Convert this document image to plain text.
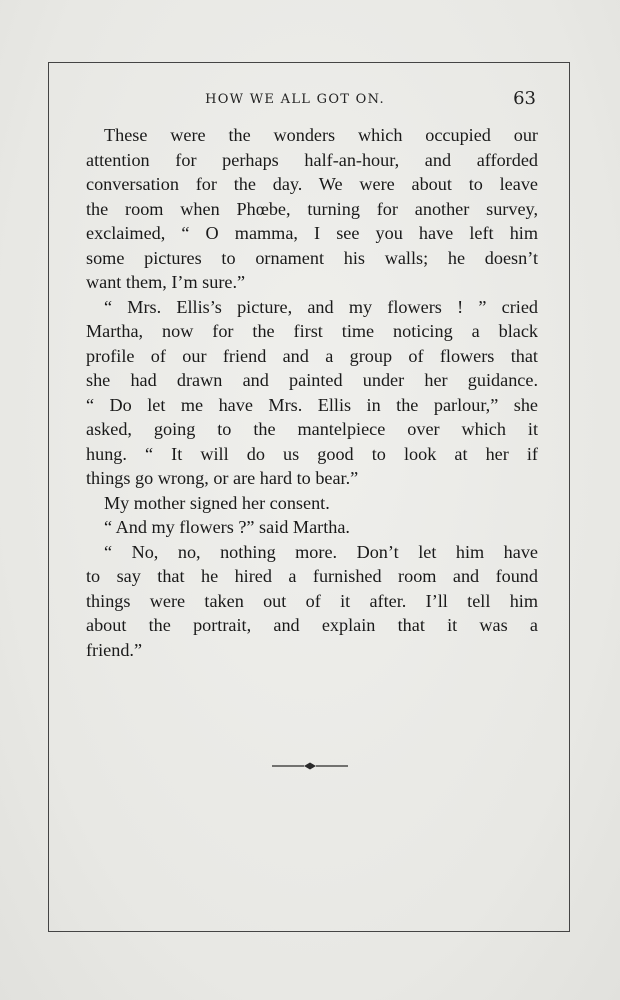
HOW WE ALL GOT ON.	63
These were the wonders which occupied our
attention for perhaps half-an-hour, and afforded
conversation for the day. We were about to leave
the room when Phœbe, turning for another survey,
exclaimed, “ O mamma, I see you have left him
some pictures to ornament his walls; he doesn’t
want them, I’m sure.”
“ Mrs. Ellis’s picture, and my flowers ! ” cried
Martha, now for the first time noticing a black
profile of our friend and a group of flowers that
she had drawn and painted under her guidance.
“ Do let me have Mrs. Ellis in the parlour,” she
asked, going to the mantelpiece over which it
hung. “ It will do us good to look at her if
things go wrong, or are hard to bear.”
My mother signed her consent.
“ And my flowers ?” said Martha.
“ No, no, nothing more. Don’t let him have
to say that he hired a furnished room and found
things were taken out of it after. I’ll tell him
about the portrait, and explain that it was a
friend.”
